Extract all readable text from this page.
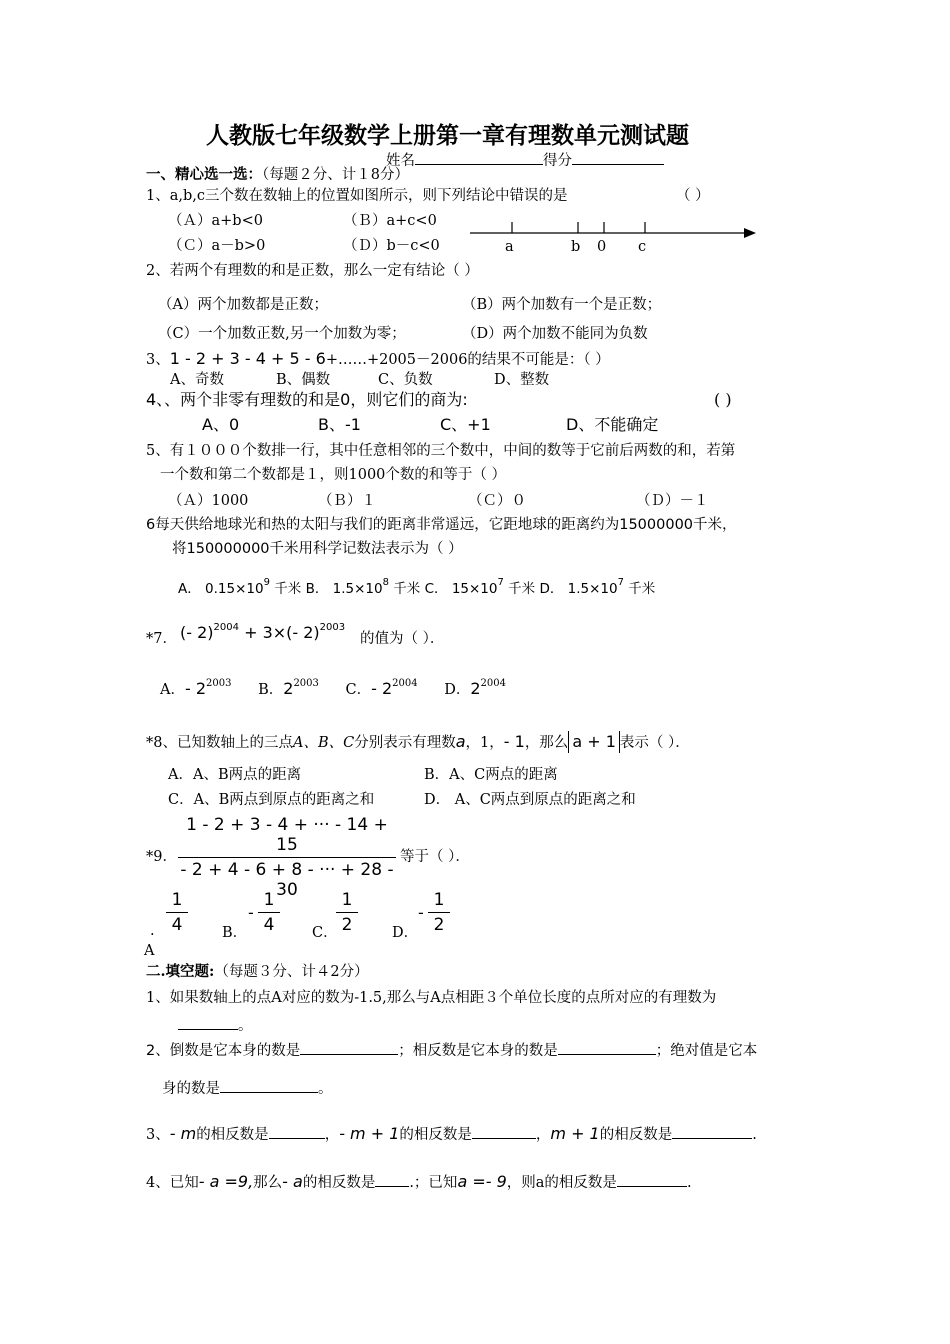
人教版七年级数学上册第一章有理数单元测试题
姓名	得分
一、精心选一选：（每题２分、计１8分）
1、a,b,c三个数在数轴上的位置如图所示，则下列结论中错误的是	（ ）
（Ａ）a+b<0	（Ｂ）a+c<0
（Ｃ）a－b>0	（Ｄ）b－c<0	a	b 0 c
2、若两个有理数的和是正数，那么一定有结论（ ）
（A）两个加数都是正数；	（B）两个加数有一个是正数；
（C）一个加数正数,另一个加数为零；	（D）两个加数不能同为负数
3、1 - 2 + 3 - 4 + 5 - 6+……+2005－2006的结果不可能是：（ ）
A、奇数	B、偶数	C、负数	D、整数
4、、两个非零有理数的和是0，则它们的商为:	( )
A、0	B、-1	C、+1	D、不能确定
5、有１０００个数排一行，其中任意相邻的三个数中，中间的数等于它前后两数的和，若第
一个数和第二个数都是１，则1000个数的和等于（ ）
（Ａ）1000	（Ｂ）１	（Ｃ）０	（Ｄ）－１
6每天供给地球光和热的太阳与我们的距离非常遥远，它距地球的距离约为15000000千米，
将150000000千米用科学记数法表示为（ ）
A． $0.15\times 10^9$ 千米 B． $1.5\times 10^8$ 千米 C． $15\times 10^7$ 千米 D． $1.5\times 10^7$ 千米
*7． (- 2)$^{2004}$ + 3×(- 2)$^{2003}$
的值为（ ）．
A．- $2^{2003}$ B．$2^{2003}$ C．- $2^{2004}$ D．$2^{2004}$
*8、已知数轴上的三点A、B、C分别表示有理数a，1，- 1，那么 a + 1 表示（ ）．
A．A、B两点的距离	B．A、C两点的距离
C．A、B两点到原点的距离之和	D． A、C两点到原点的距离之和
*9．
1 - 2 + 3 - 4 + ··· - 14 + 15
- 2 + 4 - 6 + 8 - ··· + 28 - 30
等于（ ）．
.
1
4
A
B．
-
1
4	C．
1
2	D．
-
1
2
二.填空题:（每题３分、计４2分）
1、如果数轴上的点A对应的数为-1.5,那么与A点相距３个单位长度的点所对应的有理数为
。
2、倒数是它本身的数是	；相反数是它本身的数是	；绝对值是它本
身的数是	。
3、- m的相反数是	，- m + 1的相反数是	，m + 1的相反数是	.
4、已知- a =9,那么- a的相反数是 .；已知a =- 9，则a的相反数是	.
